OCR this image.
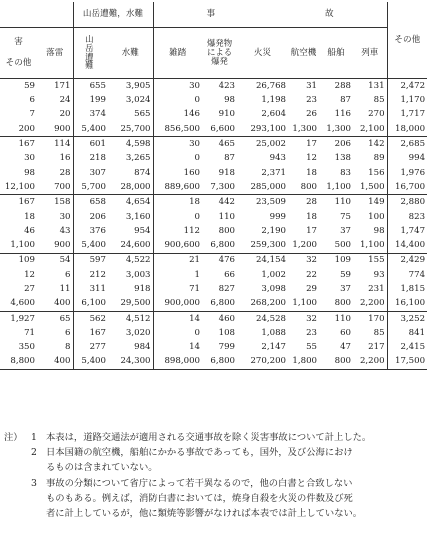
		山岳遭難，水難		事 故						その他

害
その他	落雷	山岳遭難	水難	雑踏	爆発物による爆発	火災	航空機	船舶	列車	
59	171	655	3,905	30	423	26,768	31	288	131	2,472
6	24	199	3,024	0	98	1,198	23	87	85	1,170
7	20	374	565	146	910	2,604	26	116	270	1,717
200	900	5,400	25,700	856,500	6,600	293,100	1,300	1,300	2,100	18,000
167	114	601	4,598	30	465	25,002	17	206	142	2,685
30	16	218	3,265	0	87	943	12	138	89	994
98	28	307	874	160	918	2,371	18	83	156	1,976
12,100	700	5,700	28,000	889,600	7,300	285,000	800	1,100	1,500	16,700
167	158	658	4,654	18	442	23,509	28	110	149	2,880
18	30	206	3,160	0	110	999	18	75	100	823
46	43	376	954	112	800	2,190	17	37	98	1,747
1,100	900	5,400	24,600	900,600	6,800	259,300	1,200	500	1,100	14,400
109	54	597	4,522	21	476	24,154	32	109	155	2,429
12	6	212	3,003	1	66	1,002	22	59	93	774
27	11	311	918	71	827	3,098	29	37	231	1,815
4,600	400	6,100	29,500	900,000	6,800	268,200	1,100	800	2,200	16,100
1,927	65	562	4,512	14	460	24,528	32	110	170	3,252
71	6	167	3,020	0	108	1,088	23	60	85	841
350	8	277	984	14	799	2,147	55	47	217	2,415
8,800	400	5,400	24,300	898,000	6,800	270,200	1,800	800	2,200	17,500
注） 1 本表は，道路交通法が適用される交通事故を除く災害事故について計上した。
2 日本国籍の航空機，船舶にかかる事故であっても，国外，及び公海におけ
るものは含まれていない。
3 事故の分類について省庁によって若干異なるので，他の白書と合致しない
ものもある。例えば，消防白書においては，焼身自殺を火災の件数及び死
者に計上しているが，他に類焼等影響がなければ本表では計上していない。
